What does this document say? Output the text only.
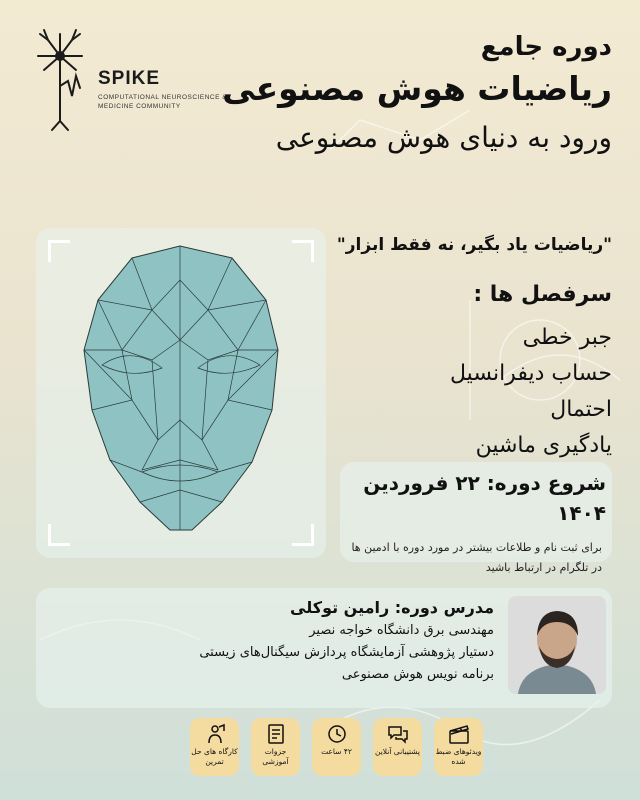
SPIKE
COMPUTATIONAL NEUROSCIENCE & MEDICINE COMMUNITY
دوره جامع
ریاضیات هوش مصنوعی
ورود به دنیای هوش مصنوعی
"ریاضیات یاد بگیر، نه فقط ابزار"
سرفصل ها :
جبر خطی
حساب دیفرانسیل
احتمال
یادگیری ماشین
شروع دوره: ۲۲ فروردین ۱۴۰۴
برای ثبت نام و طلاعات بیشتر در مورد دوره با ادمین ها در تلگرام در ارتباط باشید
مدرس دوره: رامین توکلی
مهندسی برق دانشگاه خواجه نصیر
دستیار پژوهشی آزمایشگاه پردازش سیگنال‌های زیستی
برنامه نویس هوش مصنوعی
کارگاه های حل تمرین
جزوات آموزشی
۴۲ ساعت	پشتیبانی آنلاین ویدئوهای ضبط شده
